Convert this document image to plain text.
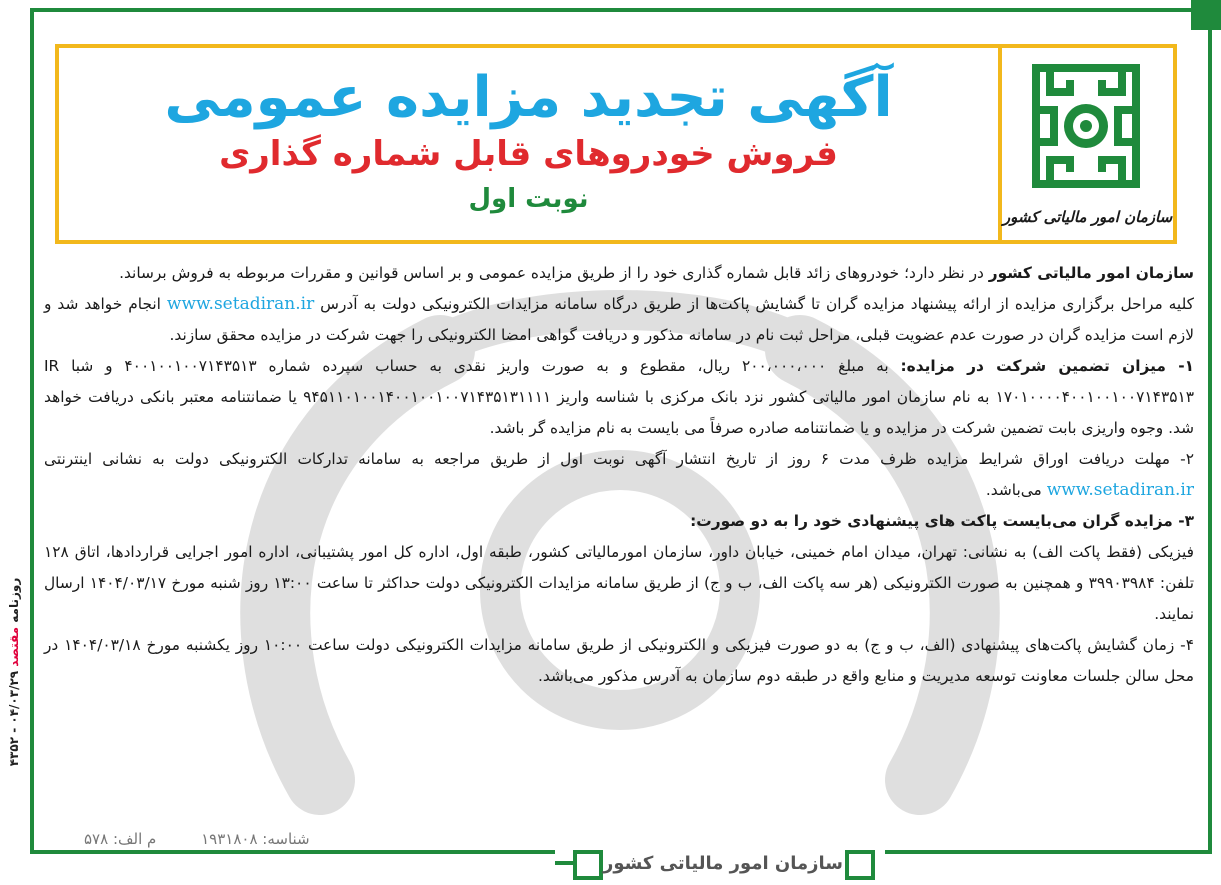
روزنامه مقتصد ۰۴/۰۳/۲۹ - ۴۳۵۲
آگهی تجدید مزایده عمومی
فروش خودروهای قابل شماره گذاری
نوبت اول
سازمان امور مالیاتی کشور

سازمان امور مالیاتی کشور در نظر دارد؛ خودروهای زائد قابل شماره گذاری خود را از طریق مزایده عمومی و بر اساس قوانین و مقررات مربوطه به فروش برساند.

کلیه مراحل برگزاری مزایده از ارائه پیشنهاد مزایده گران تا گشایش پاکت‌ها از طریق درگاه سامانه مزایدات الکترونیکی دولت به آدرس www.setadiran.ir انجام خواهد شد و لازم است مزایده گران در صورت عدم عضویت قبلی، مراحل ثبت نام در سامانه مذکور و دریافت گواهی امضا الکترونیکی را جهت شرکت در مزایده محقق سازند.

۱- میزان تضمین شرکت در مزایده: به مبلغ ۲۰۰،۰۰۰،۰۰۰ ریال، مقطوع و به صورت واریز نقدی به حساب سپرده شماره ۴۰۰۱۰۰۱۰۰۷۱۴۳۵۱۳ و شبا IR ۱۷۰۱۰۰۰۰۴۰۰۱۰۰۱۰۰۷۱۴۳۵۱۳ به نام سازمان امور مالیاتی کشور نزد بانک مرکزی با شناسه واریز ۹۴۵۱۱۰۱۰۰۱۴۰۰۱۰۰۱۰۰۷۱۴۳۵۱۳۱۱۱۱ یا ضمانتنامه معتبر بانکی دریافت خواهد شد. وجوه واریزی بابت تضمین شرکت در مزایده و یا ضمانتنامه صادره صرفاً می بایست به نام مزایده گر باشد.

۲- مهلت دریافت اوراق شرایط مزایده ظرف مدت ۶ روز از تاریخ انتشار آگهی نوبت اول از طریق مراجعه به سامانه تدارکات الکترونیکی دولت به نشانی اینترنتی www.setadiran.ir می‌باشد.

۳- مزایده گران می‌بایست پاکت های پیشنهادی خود را به دو صورت:

فیزیکی (فقط پاکت الف) به نشانی: تهران، میدان امام خمینی، خیابان داور، سازمان امورمالیاتی کشور، طبقه اول، اداره کل امور پشتیبانی، اداره امور اجرایی قراردادها، اتاق ۱۲۸ تلفن: ۳۹۹۰۳۹۸۴ و همچنین به صورت الکترونیکی (هر سه پاکت الف، ب و ج) از طریق سامانه مزایدات الکترونیکی دولت حداکثر تا ساعت ۱۳:۰۰ روز شنبه مورخ ۱۴۰۴/۰۳/۱۷ ارسال نمایند.

۴- زمان گشایش پاکت‌های پیشنهادی (الف، ب و ج) به دو صورت فیزیکی و الکترونیکی از طریق سامانه مزایدات الکترونیکی دولت ساعت ۱۰:۰۰ روز یکشنبه مورخ ۱۴۰۴/۰۳/۱۸ در محل سالن جلسات معاونت توسعه مدیریت و منابع واقع در طبقه دوم سازمان به آدرس مذکور می‌باشد.

شناسه: ۱۹۳۱۸۰۸ م الف: ۵۷۸
سازمان امور مالیاتی کشور
